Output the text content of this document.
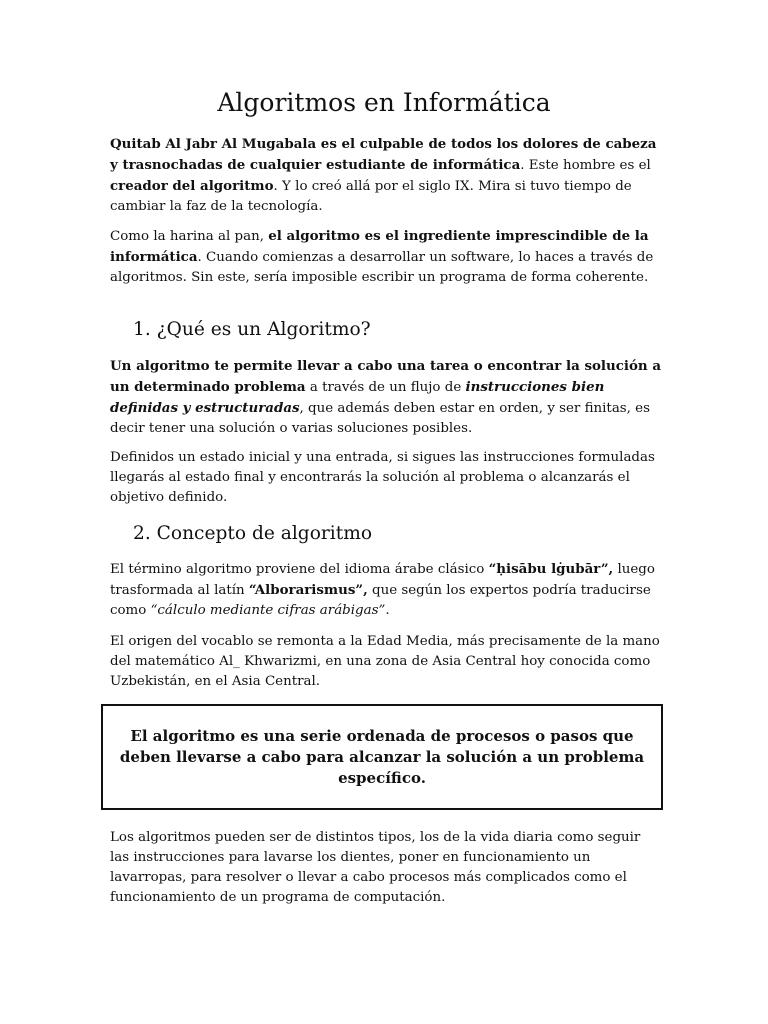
Algoritmos en Informática

Quitab Al Jabr Al Mugabala es el culpable de todos los dolores de cabeza y trasnochadas de cualquier estudiante de informática. Este hombre es el creador del algoritmo. Y lo creó allá por el siglo IX. Mira si tuvo tiempo de cambiar la faz de la tecnología.

Como la harina al pan, el algoritmo es el ingrediente imprescindible de la informática. Cuando comienzas a desarrollar un software, lo haces a través de algoritmos. Sin este, sería imposible escribir un programa de forma coherente.

1. ¿Qué es un Algoritmo?

Un algoritmo te permite llevar a cabo una tarea o encontrar la solución a un determinado problema a través de un flujo de instrucciones bien definidas y estructuradas, que además deben estar en orden, y ser finitas, es decir tener una solución o varias soluciones posibles.

Definidos un estado inicial y una entrada, si sigues las instrucciones formuladas llegarás al estado final y encontrarás la solución al problema o alcanzarás el objetivo definido.

2. Concepto de algoritmo

El término algoritmo proviene del idioma árabe clásico “ḥisābu lġubār”, luego trasformada al latín “Alborarismus”, que según los expertos podría traducirse como “cálculo mediante cifras arábigas”.

El origen del vocablo se remonta a la Edad Media, más precisamente de la mano del matemático Al_ Khwarizmi, en una zona de Asia Central hoy conocida como Uzbekistán, en el Asia Central.

El algoritmo es una serie ordenada de procesos o pasos que deben llevarse a cabo para alcanzar la solución a un problema específico.

Los algoritmos pueden ser de distintos tipos, los de la vida diaria como seguir las instrucciones para lavarse los dientes, poner en funcionamiento un lavarropas, para resolver o llevar a cabo procesos más complicados como el funcionamiento de un programa de computación.
